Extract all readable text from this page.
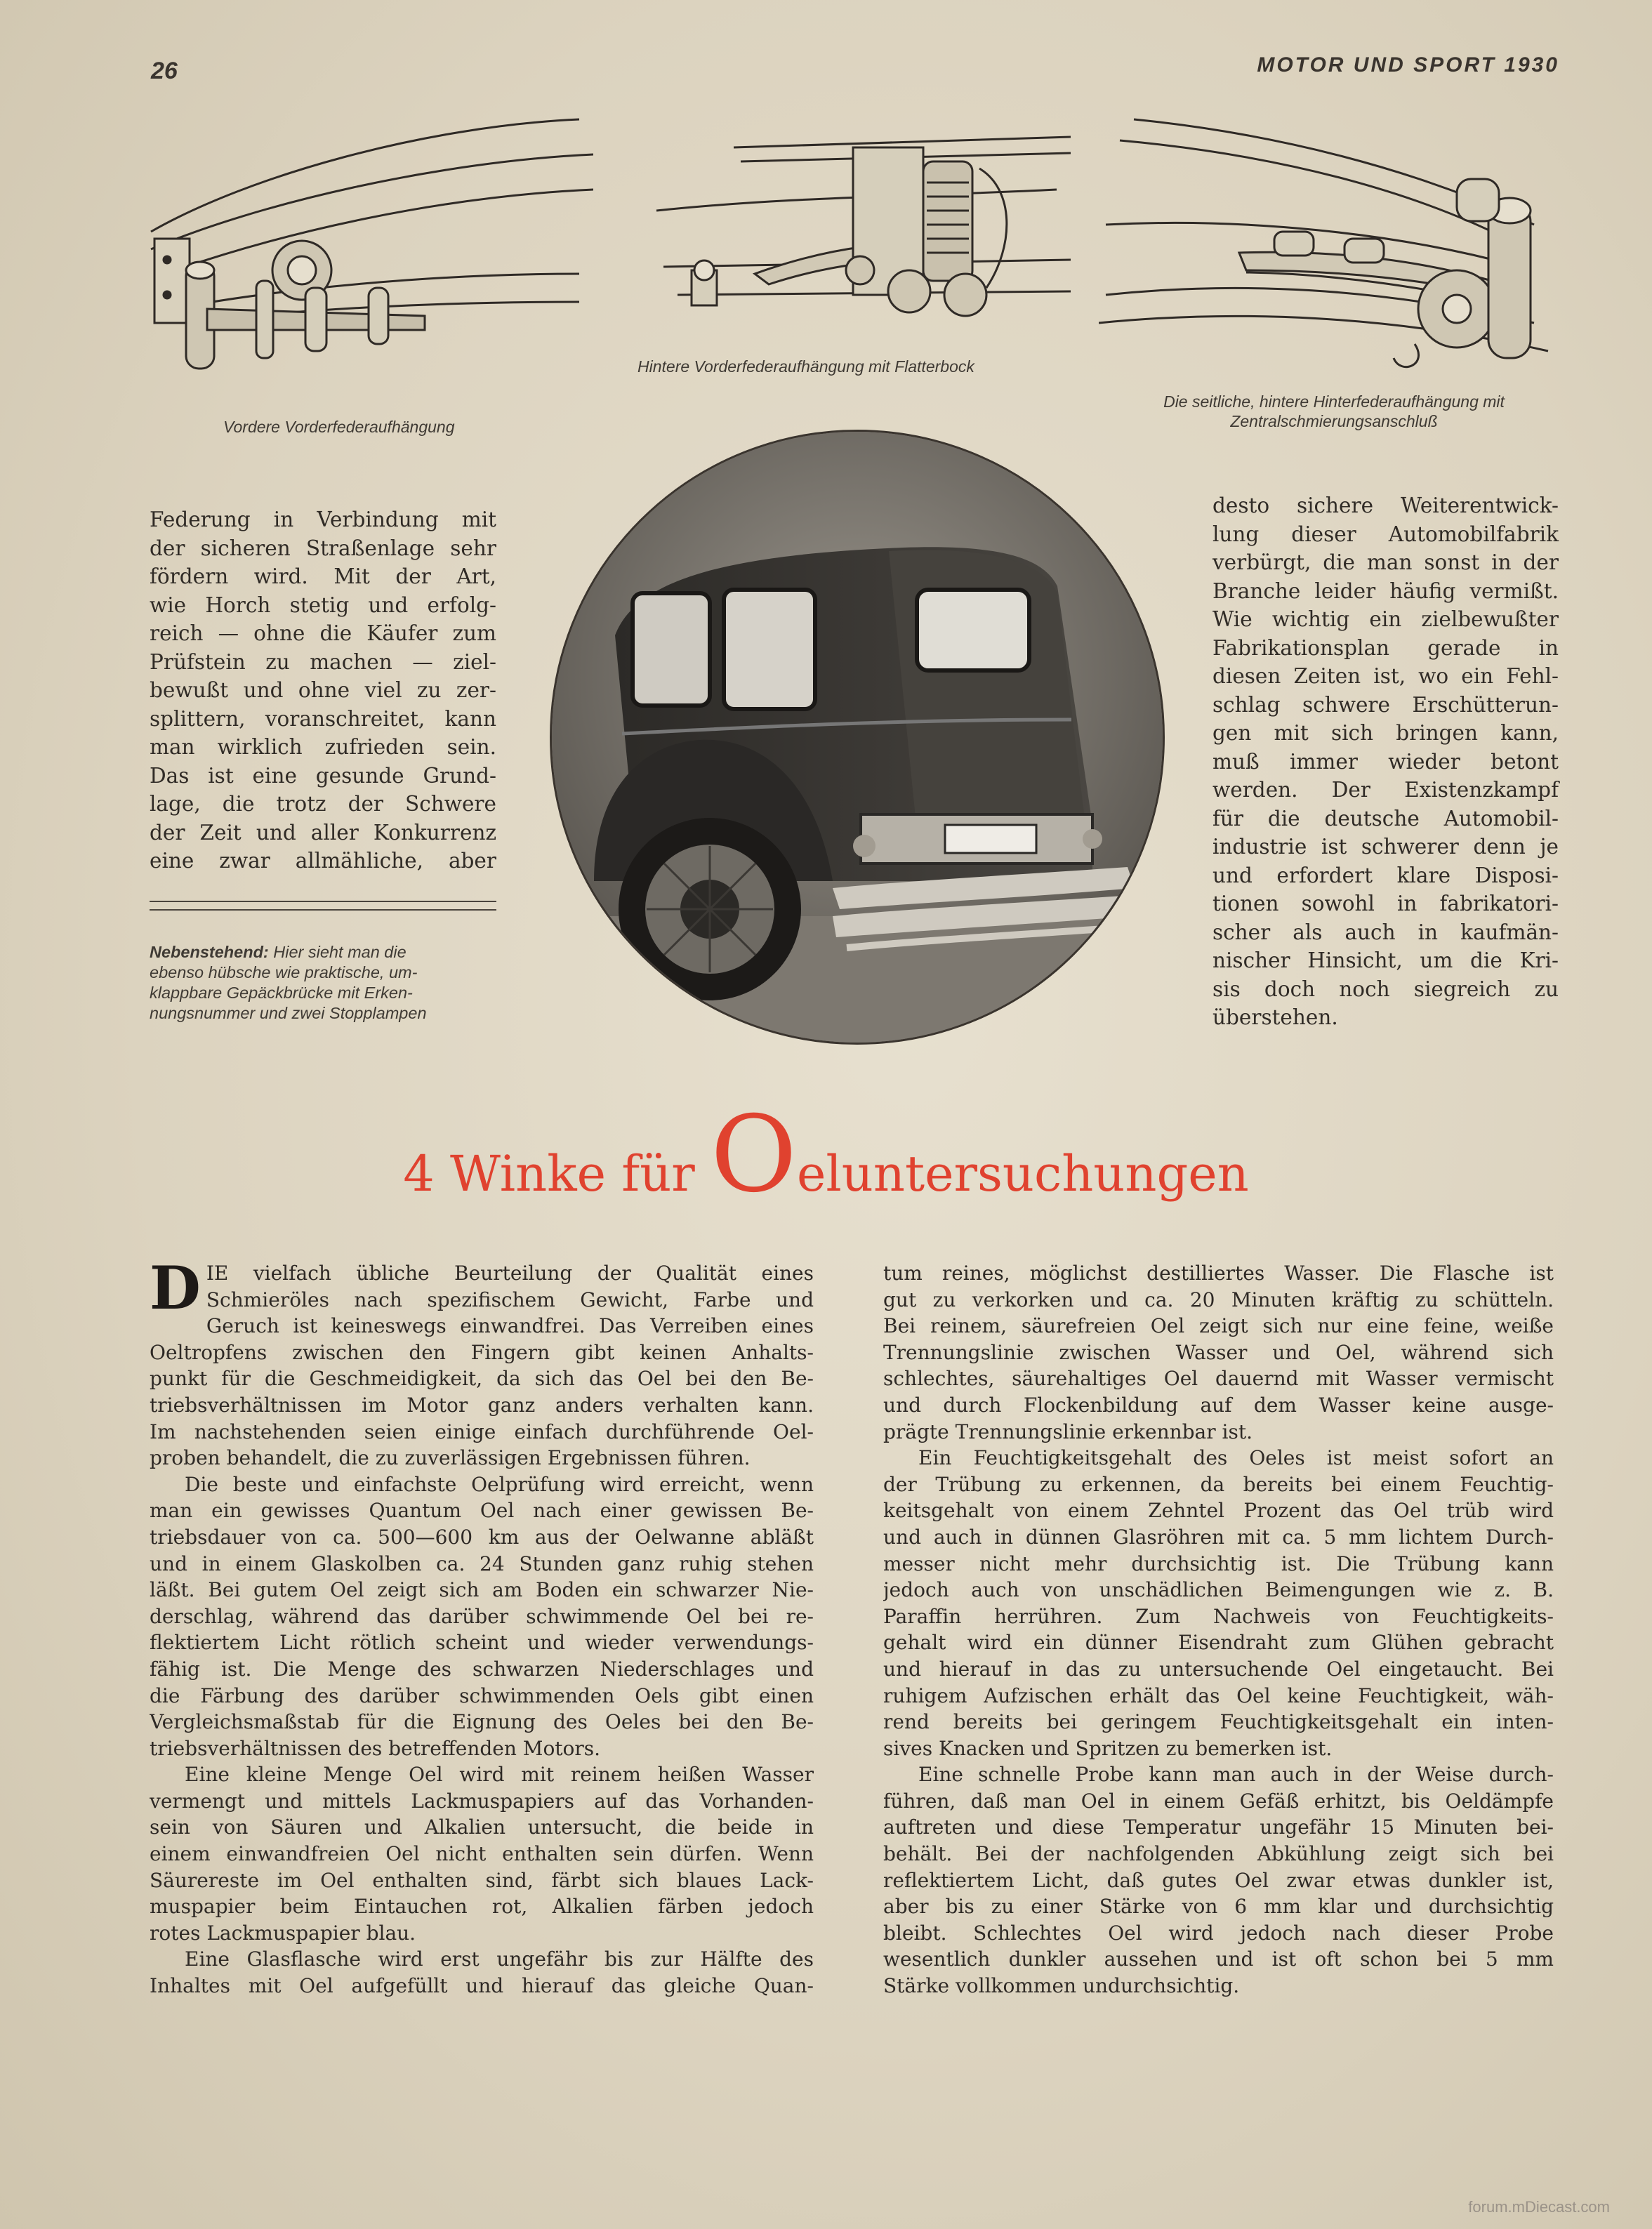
26	MOTOR UND SPORT 1930
Vordere Vorderfederaufhängung
Hintere Vorderfederaufhängung mit Flatterbock
Die seitliche, hintere Hinterfederaufhängung mit
Zentralschmierungsanschluß
Federung in Verbindung mit
der sicheren Straßenlage sehr
fördern wird. Mit der Art,
wie Horch stetig und erfolg-
reich — ohne die Käufer zum
Prüfstein zu machen — ziel-
bewußt und ohne viel zu zer-
splittern, voranschreitet, kann
man wirklich zufrieden sein.
Das ist eine gesunde Grund-
lage, die trotz der Schwere
der Zeit und aller Konkurrenz
eine zwar allmähliche, aber
Nebenstehend: Hier sieht man die
ebenso hübsche wie praktische, um-
klappbare Gepäckbrücke mit Erken-
nungsnummer und zwei Stopplampen
desto sichere Weiterentwick-
lung dieser Automobilfabrik
verbürgt, die man sonst in der
Branche leider häufig vermißt.
Wie wichtig ein zielbewußter
Fabrikationsplan gerade in
diesen Zeiten ist, wo ein Fehl-
schlag schwere Erschütterun-
gen mit sich bringen kann,
muß immer wieder betont
werden. Der Existenzkampf
für die deutsche Automobil-
industrie ist schwerer denn je
und erfordert klare Disposi-
tionen sowohl in fabrikatori-
scher als auch in kaufmän-
nischer Hinsicht, um die Kri-
sis doch noch siegreich zu
überstehen.
4 Winke für Oeluntersuchungen
D IE vielfach übliche Beurteilung der Qualität eines
Schmieröles nach spezifischem Gewicht, Farbe und
Geruch ist keineswegs einwandfrei. Das Verreiben eines
Oeltropfens zwischen den Fingern gibt keinen Anhalts-
punkt für die Geschmeidigkeit, da sich das Oel bei den Be-
triebsverhältnissen im Motor ganz anders verhalten kann.
Im nachstehenden seien einige einfach durchführende Oel-
proben behandelt, die zu zuverlässigen Ergebnissen führen.
Die beste und einfachste Oelprüfung wird erreicht, wenn
man ein gewisses Quantum Oel nach einer gewissen Be-
triebsdauer von ca. 500—600 km aus der Oelwanne abläßt
und in einem Glaskolben ca. 24 Stunden ganz ruhig stehen
läßt. Bei gutem Oel zeigt sich am Boden ein schwarzer Nie-
derschlag, während das darüber schwimmende Oel bei re-
flektiertem Licht rötlich scheint und wieder verwendungs-
fähig ist. Die Menge des schwarzen Niederschlages und
die Färbung des darüber schwimmenden Oels gibt einen
Vergleichsmaßstab für die Eignung des Oeles bei den Be-
triebsverhältnissen des betreffenden Motors.
Eine kleine Menge Oel wird mit reinem heißen Wasser
vermengt und mittels Lackmuspapiers auf das Vorhanden-
sein von Säuren und Alkalien untersucht, die beide in
einem einwandfreien Oel nicht enthalten sein dürfen. Wenn
Säurereste im Oel enthalten sind, färbt sich blaues Lack-
muspapier beim Eintauchen rot, Alkalien färben jedoch
rotes Lackmuspapier blau.
Eine Glasflasche wird erst ungefähr bis zur Hälfte des
Inhaltes mit Oel aufgefüllt und hierauf das gleiche Quan-
tum reines, möglichst destilliertes Wasser. Die Flasche ist
gut zu verkorken und ca. 20 Minuten kräftig zu schütteln.
Bei reinem, säurefreien Oel zeigt sich nur eine feine, weiße
Trennungslinie zwischen Wasser und Oel, während sich
schlechtes, säurehaltiges Oel dauernd mit Wasser vermischt
und durch Flockenbildung auf dem Wasser keine ausge-
prägte Trennungslinie erkennbar ist.
Ein Feuchtigkeitsgehalt des Oeles ist meist sofort an
der Trübung zu erkennen, da bereits bei einem Feuchtig-
keitsgehalt von einem Zehntel Prozent das Oel trüb wird
und auch in dünnen Glasröhren mit ca. 5 mm lichtem Durch-
messer nicht mehr durchsichtig ist. Die Trübung kann
jedoch auch von unschädlichen Beimengungen wie z. B.
Paraffin herrühren. Zum Nachweis von Feuchtigkeits-
gehalt wird ein dünner Eisendraht zum Glühen gebracht
und hierauf in das zu untersuchende Oel eingetaucht. Bei
ruhigem Aufzischen erhält das Oel keine Feuchtigkeit, wäh-
rend bereits bei geringem Feuchtigkeitsgehalt ein inten-
sives Knacken und Spritzen zu bemerken ist.
Eine schnelle Probe kann man auch in der Weise durch-
führen, daß man Oel in einem Gefäß erhitzt, bis Oeldämpfe
auftreten und diese Temperatur ungefähr 15 Minuten bei-
behält. Bei der nachfolgenden Abkühlung zeigt sich bei
reflektiertem Licht, daß gutes Oel zwar etwas dunkler ist,
aber bis zu einer Stärke von 6 mm klar und durchsichtig
bleibt. Schlechtes Oel wird jedoch nach dieser Probe
wesentlich dunkler aussehen und ist oft schon bei 5 mm
Stärke vollkommen undurchsichtig.
forum.mDiecast.com
